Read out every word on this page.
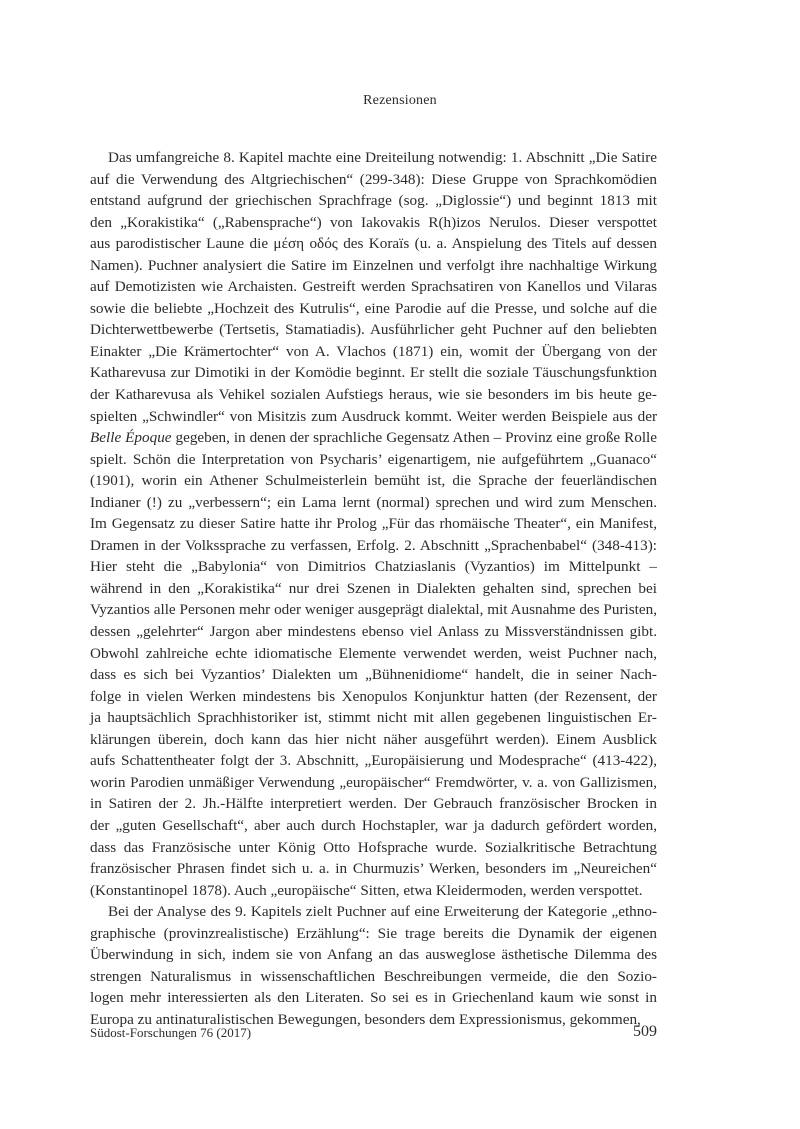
Rezensionen

Das umfangreiche 8. Kapitel machte eine Dreiteilung notwendig: 1. Abschnitt „Die Satire
auf die Verwendung des Altgriechischen“ (299-348): Diese Gruppe von Sprachkomödien
entstand aufgrund der griechischen Sprachfrage (sog. „Diglossie“) und beginnt 1813 mit
den „Korakistika“ („Rabensprache“) von Iakovakis R(h)izos Nerulos. Dieser verspottet
aus parodistischer Laune die μέση οδός des Koraïs (u. a. Anspielung des Titels auf dessen
Namen). Puchner analysiert die Satire im Einzelnen und verfolgt ihre nachhaltige Wirkung
auf Demotizisten wie Archaisten. Gestreift werden Sprachsatiren von Kanellos und Vilaras
sowie die beliebte „Hochzeit des Kutrulis“, eine Parodie auf die Presse, und solche auf die
Dichterwettbewerbe (Tertsetis, Stamatiadis). Ausführlicher geht Puchner auf den beliebten
Einakter „Die Krämertochter“ von A. Vlachos (1871) ein, womit der Übergang von der
Katharevusa zur Dimotiki in der Komödie beginnt. Er stellt die soziale Täuschungsfunktion
der Katharevusa als Vehikel sozialen Aufstiegs heraus, wie sie besonders im bis heute ge-
spielten „Schwindler“ von Misitzis zum Ausdruck kommt. Weiter werden Beispiele aus der
Belle Époque gegeben, in denen der sprachliche Gegensatz Athen – Provinz eine große Rolle
spielt. Schön die Interpretation von Psycharis’ eigenartigem, nie aufgeführtem „Guanaco“
(1901), worin ein Athener Schulmeisterlein bemüht ist, die Sprache der feuerländischen
Indianer (!) zu „verbessern“; ein Lama lernt (normal) sprechen und wird zum Menschen.
Im Gegensatz zu dieser Satire hatte ihr Prolog „Für das rhomäische Theater“, ein Manifest,
Dramen in der Volkssprache zu verfassen, Erfolg. 2. Abschnitt „Sprachenbabel“ (348-413):
Hier steht die „Babylonia“ von Dimitrios Chatziaslanis (Vyzantios) im Mittelpunkt –
während in den „Korakistika“ nur drei Szenen in Dialekten gehalten sind, sprechen bei
Vyzantios alle Personen mehr oder weniger ausgeprägt dialektal, mit Ausnahme des Puristen,
dessen „gelehrter“ Jargon aber mindestens ebenso viel Anlass zu Missverständnissen gibt.
Obwohl zahlreiche echte idiomatische Elemente verwendet werden, weist Puchner nach,
dass es sich bei Vyzantios’ Dialekten um „Bühnenidiome“ handelt, die in seiner Nach-
folge in vielen Werken mindestens bis Xenopulos Konjunktur hatten (der Rezensent, der
ja hauptsächlich Sprachhistoriker ist, stimmt nicht mit allen gegebenen linguistischen Er-
klärungen überein, doch kann das hier nicht näher ausgeführt werden). Einem Ausblick
aufs Schattentheater folgt der 3. Abschnitt, „Europäisierung und Modesprache“ (413-422),
worin Parodien unmäßiger Verwendung „europäischer“ Fremdwörter, v. a. von Gallizismen,
in Satiren der 2. Jh.-Hälfte interpretiert werden. Der Gebrauch französischer Brocken in
der „guten Gesellschaft“, aber auch durch Hochstapler, war ja dadurch gefördert worden,
dass das Französische unter König Otto Hofsprache wurde. Sozialkritische Betrachtung
französischer Phrasen findet sich u. a. in Churmuzis’ Werken, besonders im „Neureichen“
(Konstantinopel 1878). Auch „europäische“ Sitten, etwa Kleidermoden, werden verspottet.

Bei der Analyse des 9. Kapitels zielt Puchner auf eine Erweiterung der Kategorie „ethno-
graphische (provinzrealistische) Erzählung“: Sie trage bereits die Dynamik der eigenen
Überwindung in sich, indem sie von Anfang an das ausweglose ästhetische Dilemma des
strengen Naturalismus in wissenschaftlichen Beschreibungen vermeide, die den Sozio-
logen mehr interessierten als den Literaten. So sei es in Griechenland kaum wie sonst in
Europa zu antinaturalistischen Bewegungen, besonders dem Expressionismus, gekommen,

Südost-Forschungen 76 (2017)	509
